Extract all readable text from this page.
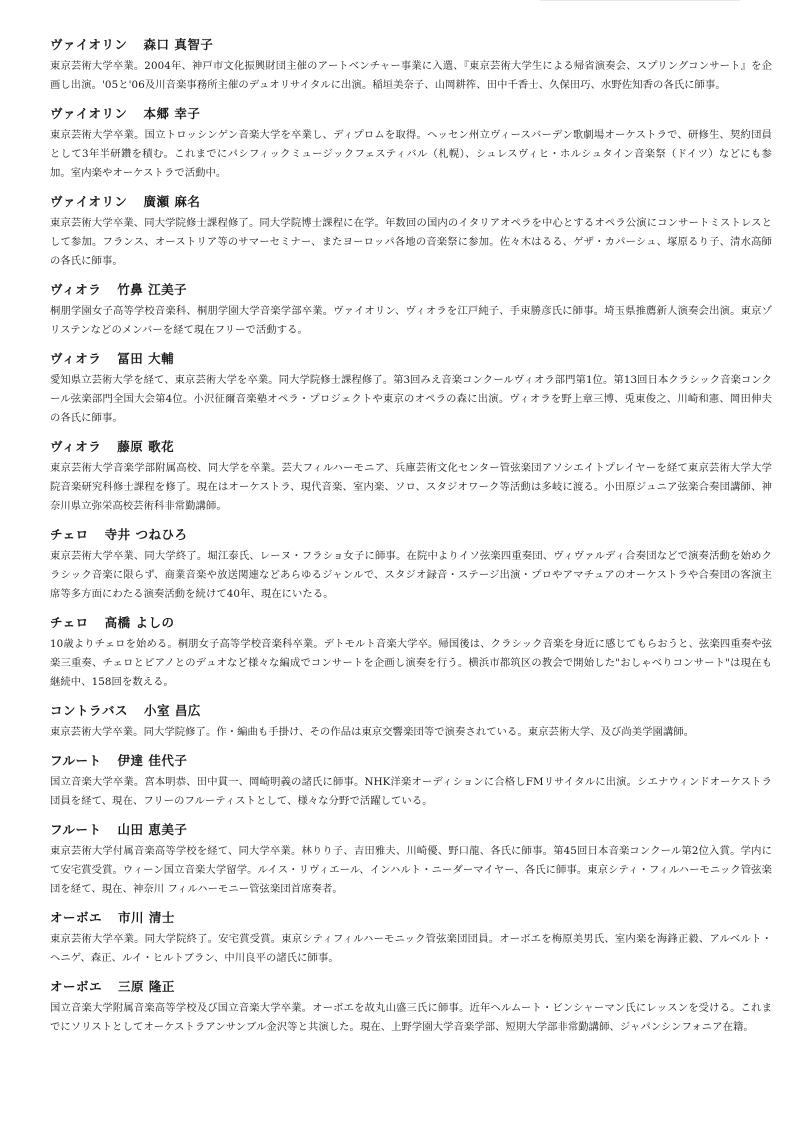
ヴァイオリン 森口 真智子
東京芸術大学卒業。2004年、神戸市文化振興財団主催のアートベンチャー事業に入選、『東京芸術大学生による帰省演奏会、スプリングコンサート』を企画し出演。'05と'06及川音楽事務所主催のデュオリサイタルに出演。稲垣美奈子、山岡耕筰、田中千香士、久保田巧、水野佐知香の各氏に師事。
ヴァイオリン 本郷 幸子
東京芸術大学卒業。国立トロッシンゲン音楽大学を卒業し、ディプロムを取得。ヘッセン州立ヴィースバーデン歌劇場オーケストラで、研修生、契約団員として3年半研鑽を積む。これまでにパシフィックミュージックフェスティバル（札幌）、シュレスヴィヒ・ホルシュタイン音楽祭（ドイツ）などにも参加。室内楽やオーケストラで活動中。
ヴァイオリン 廣瀬 麻名
東京芸術大学卒業、同大学院修士課程修了。同大学院博士課程に在学。年数回の国内のイタリアオペラを中心とするオペラ公演にコンサートミストレスとして参加。フランス、オーストリア等のサマーセミナー、またヨーロッパ各地の音楽祭に参加。佐々木はるる、ゲザ・カパーシュ、塚原るり子、清水高師の各氏に師事。
ヴィオラ 竹鼻 江美子
桐朋学園女子高等学校音楽科、桐朋学園大学音楽学部卒業。ヴァイオリン、ヴィオラを江戸純子、手束勝彦氏に師事。埼玉県推薦新人演奏会出演。東京ゾリステンなどのメンバーを経て現在フリーで活動する。
ヴィオラ 冨田 大輔
愛知県立芸術大学を経て、東京芸術大学を卒業。同大学院修士課程修了。第3回みえ音楽コンクールヴィオラ部門第1位。第13回日本クラシック音楽コンクール弦楽部門全国大会第4位。小沢征爾音楽塾オペラ・プロジェクトや東京のオペラの森に出演。ヴィオラを野上章三博、兎東俊之、川崎和憲、岡田伸夫の各氏に師事。
ヴィオラ 藤原 歌花
東京芸術大学音楽学部附属高校、同大学を卒業。芸大フィルハーモニア、兵庫芸術文化センター管弦楽団アソシエイトプレイヤーを経て東京芸術大学大学院音楽研究科修士課程を修了。現在はオーケストラ、現代音楽、室内楽、ソロ、スタジオワーク等活動は多岐に渡る。小田原ジュニア弦楽合奏団講師、神奈川県立弥栄高校芸術科非常勤講師。
チェロ 寺井 つねひろ
東京芸術大学卒業、同大学終了。堀江泰氏、レーヌ・フラショ女子に師事。在院中よりイソ弦楽四重奏団、ヴィヴァルディ合奏団などで演奏活動を始めクラシック音楽に限らず、商業音楽や放送関連などあらゆるジャンルで、スタジオ録音・ステージ出演・プロやアマチュアのオーケストラや合奏団の客演主席等多方面にわたる演奏活動を続けて40年、現在にいたる。
チェロ 高橋 よしの
10歳よりチェロを始める。桐朋女子高等学校音楽科卒業。デトモルト音楽大学卒。帰国後は、クラシック音楽を身近に感じてもらおうと、弦楽四重奏や弦楽三重奏、チェロとピアノとのデュオなど様々な編成でコンサートを企画し演奏を行う。横浜市都筑区の教会で開始した"おしゃべりコンサート"は現在も継続中、158回を数える。
コントラバス 小室 昌広
東京芸術大学卒業。同大学院修了。作・編曲も手掛け、その作品は東京交響楽団等で演奏されている。東京芸術大学、及び尚美学園講師。
フルート 伊達 佳代子
国立音楽大学卒業。宮本明恭、田中貫一、岡崎明義の諸氏に師事。NHK洋楽オーディションに合格しFMリサイタルに出演。シエナウィンドオーケストラ団員を経て、現在、フリーのフルーティストとして、様々な分野で活躍している。
フルート 山田 恵美子
東京芸術大学付属音楽高等学校を経て、同大学卒業。林りり子、吉田雅夫、川崎優、野口龍、各氏に師事。第45回日本音楽コンクール第2位入賞。学内にて安宅賞受賞。ウィーン国立音楽大学留学。ルイス・リヴィエール、インハルト・ニーダーマイヤー、各氏に師事。東京シティ・フィルハーモニック管弦楽団を経て、現在、神奈川 フィルハーモニー管弦楽団首席奏者。
オーボエ 市川 清士
東京芸術大学卒業。同大学院終了。安宅賞受賞。東京シティフィルハーモニック管弦楽団団員。オーボエを梅原美男氏、室内楽を海鋒正毅、アルベルト・ヘニゲ、森正、ルイ・ヒルトブラン、中川良平の諸氏に師事。
オーボエ 三原 隆正
国立音楽大学附属音楽高等学校及び国立音楽大学卒業。オーボエを故丸山盛三氏に師事。近年ヘルムート・ビンシャーマン氏にレッスンを受ける。これまでにソリストとしてオーケストラアンサンブル金沢等と共演した。現在、上野学園大学音楽学部、短期大学部非常勤講師、ジャパンシンフォニア在籍。
